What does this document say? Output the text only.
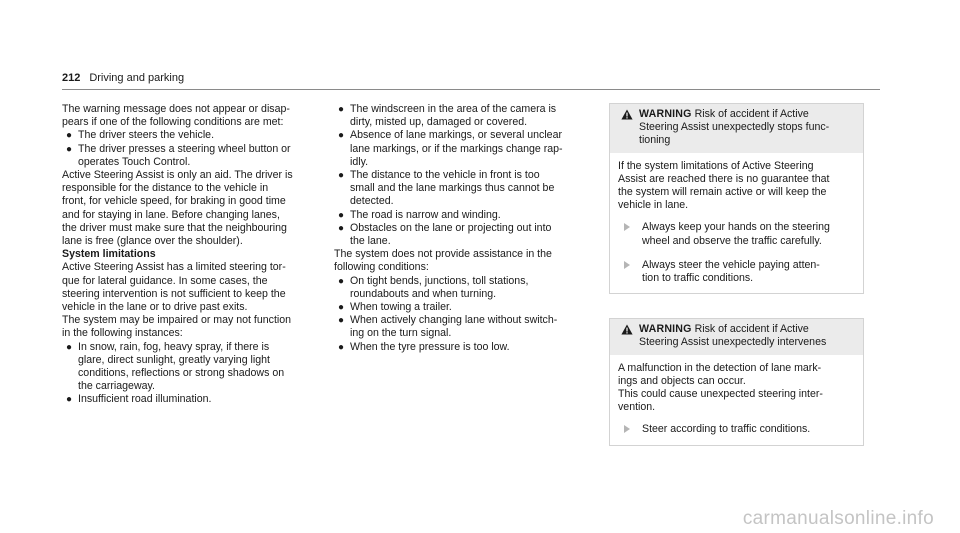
212 Driving and parking

The warning message does not appear or disap-
pears if one of the following conditions are met:

● The driver steers the vehicle.
● The driver presses a steering wheel button or
operates Touch Control.

Active Steering Assist is only an aid. The driver is
responsible for the distance to the vehicle in
front, for vehicle speed, for braking in good time
and for staying in lane. Before changing lanes,
the driver must make sure that the neighbouring
lane is free (glance over the shoulder).

System limitations

Active Steering Assist has a limited steering tor-
que for lateral guidance. In some cases, the
steering intervention is not sufficient to keep the
vehicle in the lane or to drive past exits.

The system may be impaired or may not function
in the following instances:

● In snow, rain, fog, heavy spray, if there is
glare, direct sunlight, greatly varying light
conditions, reflections or strong shadows on
the carriageway.
● Insufficient road illumination.
● The windscreen in the area of the camera is
dirty, misted up, damaged or covered.
● Absence of lane markings, or several unclear
lane markings, or if the markings change rap-
idly.
● The distance to the vehicle in front is too
small and the lane markings thus cannot be
detected.
● The road is narrow and winding.
● Obstacles on the lane or projecting out into
the lane.

The system does not provide assistance in the
following conditions:

● On tight bends, junctions, toll stations,
roundabouts and when turning.
● When towing a trailer.
● When actively changing lane without switch-
ing on the turn signal.
● When the tyre pressure is too low.
WARNING Risk of accident if Active
Steering Assist unexpectedly stops func-
tioning

If the system limitations of Active Steering
Assist are reached there is no guarantee that
the system will remain active or will keep the
vehicle in lane.

Always keep your hands on the steering
wheel and observe the traffic carefully.
Always steer the vehicle paying atten-
tion to traffic conditions.
WARNING Risk of accident if Active
Steering Assist unexpectedly intervenes

A malfunction in the detection of lane mark-
ings and objects can occur.

This could cause unexpected steering inter-
vention.

Steer according to traffic conditions.
carmanualsonline.info
